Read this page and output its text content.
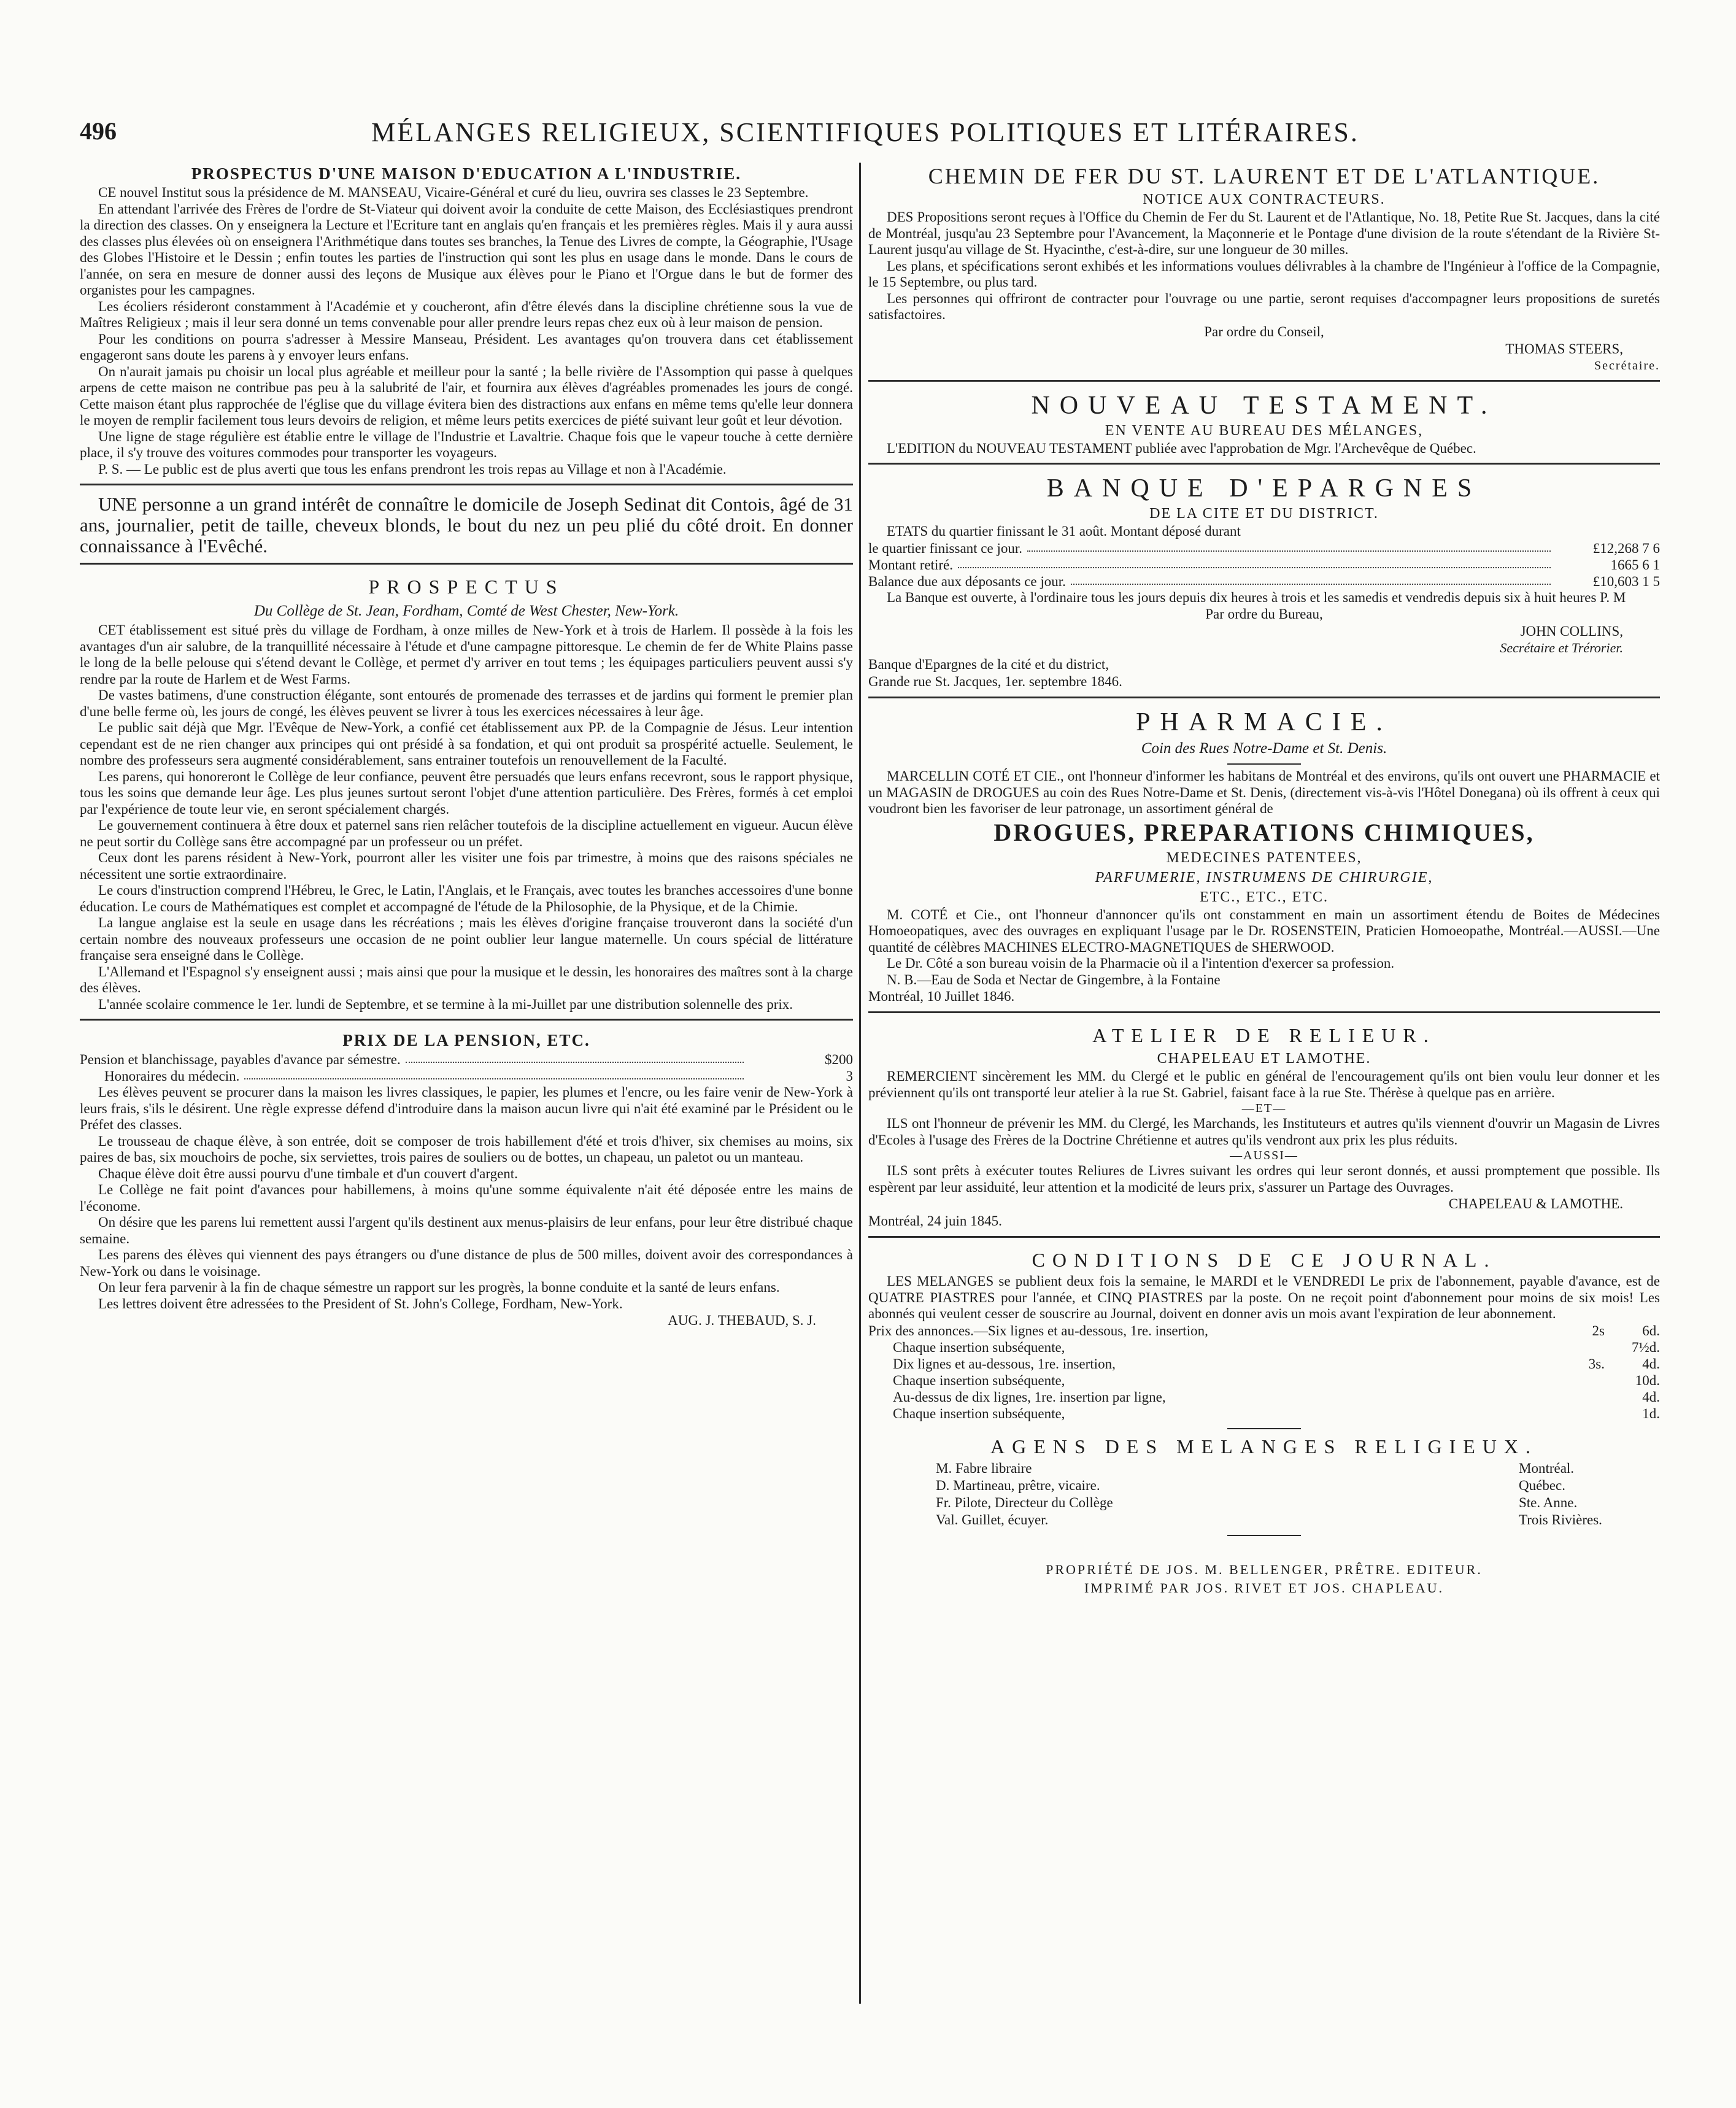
496	MÉLANGES RELIGIEUX, SCIENTIFIQUES POLITIQUES ET LITÉRAIRES.
PROSPECTUS D'UNE MAISON D'EDUCATION A L'INDUSTRIE.

CE nouvel Institut sous la présidence de M. MANSEAU, Vicaire-Général et curé du lieu, ouvrira ses classes le 23 Septembre.

En attendant l'arrivée des Frères de l'ordre de St-Viateur qui doivent avoir la conduite de cette Maison, des Ecclésiastiques prendront la direction des classes. On y enseignera la Lecture et l'Ecriture tant en anglais qu'en français et les premières règles. Mais il y aura aussi des classes plus élevées où on enseignera l'Arithmétique dans toutes ses branches, la Tenue des Livres de compte, la Géographie, l'Usage des Globes l'Histoire et le Dessin ; enfin toutes les parties de l'instruction qui sont les plus en usage dans le monde. Dans le cours de l'année, on sera en mesure de donner aussi des leçons de Musique aux élèves pour le Piano et l'Orgue dans le but de former des organistes pour les campagnes.

Les écoliers résideront constamment à l'Académie et y coucheront, afin d'être élevés dans la discipline chrétienne sous la vue de Maîtres Religieux ; mais il leur sera donné un tems convenable pour aller prendre leurs repas chez eux où à leur maison de pension.

Pour les conditions on pourra s'adresser à Messire Manseau, Président. Les avantages qu'on trouvera dans cet établissement engageront sans doute les parens à y envoyer leurs enfans.

On n'aurait jamais pu choisir un local plus agréable et meilleur pour la santé ; la belle rivière de l'Assomption qui passe à quelques arpens de cette maison ne contribue pas peu à la salubrité de l'air, et fournira aux élèves d'agréables promenades les jours de congé. Cette maison étant plus rapprochée de l'église que du village évitera bien des distractions aux enfans en même tems qu'elle leur donnera le moyen de remplir facilement tous leurs devoirs de religion, et même leurs petits exercices de piété suivant leur goût et leur dévotion.

Une ligne de stage régulière est établie entre le village de l'Industrie et Lavaltrie. Chaque fois que le vapeur touche à cette dernière place, il s'y trouve des voitures commodes pour transporter les voyageurs.

P. S. — Le public est de plus averti que tous les enfans prendront les trois repas au Village et non à l'Académie.

UNE personne a un grand intérêt de connaître le domicile de Joseph Sedinat dit Contois, âgé de 31 ans, journalier, petit de taille, cheveux blonds, le bout du nez un peu plié du côté droit. En donner connaissance à l'Evêché.

PROSPECTUS
Du Collège de St. Jean, Fordham, Comté de West Chester, New-York.

CET établissement est situé près du village de Fordham, à onze milles de New-York et à trois de Harlem. Il possède à la fois les avantages d'un air salubre, de la tranquillité nécessaire à l'étude et d'une campagne pittoresque. Le chemin de fer de White Plains passe le long de la belle pelouse qui s'étend devant le Collège, et permet d'y arriver en tout tems ; les équipages particuliers peuvent aussi s'y rendre par la route de Harlem et de West Farms.

De vastes batimens, d'une construction élégante, sont entourés de promenade des terrasses et de jardins qui forment le premier plan d'une belle ferme où, les jours de congé, les élèves peuvent se livrer à tous les exercices nécessaires à leur âge.

Le public sait déjà que Mgr. l'Evêque de New-York, a confié cet établissement aux PP. de la Compagnie de Jésus. Leur intention cependant est de ne rien changer aux principes qui ont présidé à sa fondation, et qui ont produit sa prospérité actuelle. Seulement, le nombre des professeurs sera augmenté considérablement, sans entrainer toutefois un renouvellement de la Faculté.

Les parens, qui honoreront le Collège de leur confiance, peuvent être persuadés que leurs enfans recevront, sous le rapport physique, tous les soins que demande leur âge. Les plus jeunes surtout seront l'objet d'une attention particulière. Des Frères, formés à cet emploi par l'expérience de toute leur vie, en seront spécialement chargés.

Le gouvernement continuera à être doux et paternel sans rien relâcher toutefois de la discipline actuellement en vigueur. Aucun élève ne peut sortir du Collège sans être accompagné par un professeur ou un préfet.

Ceux dont les parens résident à New-York, pourront aller les visiter une fois par trimestre, à moins que des raisons spéciales ne nécessitent une sortie extraordinaire.

Le cours d'instruction comprend l'Hébreu, le Grec, le Latin, l'Anglais, et le Français, avec toutes les branches accessoires d'une bonne éducation. Le cours de Mathématiques est complet et accompagné de l'étude de la Philosophie, de la Physique, et de la Chimie.

La langue anglaise est la seule en usage dans les récréations ; mais les élèves d'origine française trouveront dans la société d'un certain nombre des nouveaux professeurs une occasion de ne point oublier leur langue maternelle. Un cours spécial de littérature française sera enseigné dans le Collège.

L'Allemand et l'Espagnol s'y enseignent aussi ; mais ainsi que pour la musique et le dessin, les honoraires des maîtres sont à la charge des élèves.

L'année scolaire commence le 1er. lundi de Septembre, et se termine à la mi-Juillet par une distribution solennelle des prix.

PRIX DE LA PENSION, ETC.
Pension et blanchissage, payables d'avance par sémestre.	$200
Honoraires du médecin.	3

Les élèves peuvent se procurer dans la maison les livres classiques, le papier, les plumes et l'encre, ou les faire venir de New-York à leurs frais, s'ils le désirent. Une règle expresse défend d'introduire dans la maison aucun livre qui n'ait été examiné par le Président ou le Préfet des classes.

Le trousseau de chaque élève, à son entrée, doit se composer de trois habillement d'été et trois d'hiver, six chemises au moins, six paires de bas, six mouchoirs de poche, six serviettes, trois paires de souliers ou de bottes, un chapeau, un paletot ou un manteau.

Chaque élève doit être aussi pourvu d'une timbale et d'un couvert d'argent.

Le Collège ne fait point d'avances pour habillemens, à moins qu'une somme équivalente n'ait été déposée entre les mains de l'économe.

On désire que les parens lui remettent aussi l'argent qu'ils destinent aux menus-plaisirs de leur enfans, pour leur être distribué chaque semaine.

Les parens des élèves qui viennent des pays étrangers ou d'une distance de plus de 500 milles, doivent avoir des correspondances à New-York ou dans le voisinage.

On leur fera parvenir à la fin de chaque sémestre un rapport sur les progrès, la bonne conduite et la santé de leurs enfans.

Les lettres doivent être adressées to the President of St. John's College, Fordham, New-York.

AUG. J. THEBAUD, S. J.
CHEMIN DE FER DU ST. LAURENT ET DE L'ATLANTIQUE.
NOTICE AUX CONTRACTEURS.

DES Propositions seront reçues à l'Office du Chemin de Fer du St. Laurent et de l'Atlantique, No. 18, Petite Rue St. Jacques, dans la cité de Montréal, jusqu'au 23 Septembre pour l'Avancement, la Maçonnerie et le Pontage d'une division de la route s'étendant de la Rivière St- Laurent jusqu'au village de St. Hyacinthe, c'est-à-dire, sur une longueur de 30 milles.

Les plans, et spécifications seront exhibés et les informations voulues délivrables à la chambre de l'Ingénieur à l'office de la Compagnie, le 15 Septembre, ou plus tard.

Les personnes qui offriront de contracter pour l'ouvrage ou une partie, seront requises d'accompagner leurs propositions de suretés satisfactoires.

Par ordre du Conseil,
THOMAS STEERS,
Secrétaire.
NOUVEAU TESTAMENT.
EN VENTE AU BUREAU DES MÉLANGES,

L'EDITION du NOUVEAU TESTAMENT publiée avec l'approbation de Mgr. l'Archevêque de Québec.

BANQUE D'EPARGNES
DE LA CITE ET DU DISTRICT.

ETATS du quartier finissant le 31 août. Montant déposé durant

le quartier finissant ce jour.	£12,268 7 6
Montant retiré.	1665 6 1
Balance due aux déposants ce jour.	£10,603 1 5

La Banque est ouverte, à l'ordinaire tous les jours depuis dix heures à trois et les samedis et vendredis depuis six à huit heures P. M

Par ordre du Bureau,
JOHN COLLINS,
Secrétaire et Trérorier.
Banque d'Epargnes de la cité et du district,
Grande rue St. Jacques, 1er. septembre 1846.
PHARMACIE.
Coin des Rues Notre-Dame et St. Denis.

MARCELLIN COTÉ ET CIE., ont l'honneur d'informer les habitans de Montréal et des environs, qu'ils ont ouvert une PHARMACIE et un MAGASIN de DROGUES au coin des Rues Notre-Dame et St. Denis, (directement vis-à-vis l'Hôtel Donegana) où ils offrent à ceux qui voudront bien les favoriser de leur patronage, un assortiment général de

DROGUES, PREPARATIONS CHIMIQUES,
MEDECINES PATENTEES,
PARFUMERIE, INSTRUMENS DE CHIRURGIE,
ETC., ETC., ETC.

M. COTÉ et Cie., ont l'honneur d'annoncer qu'ils ont constamment en main un assortiment étendu de Boites de Médecines Homoeopatiques, avec des ouvrages en expliquant l'usage par le Dr. ROSENSTEIN, Praticien Homoeopathe, Montréal.—AUSSI.—Une quantité de célèbres MACHINES ELECTRO-MAGNETIQUES de SHERWOOD.

Le Dr. Côté a son bureau voisin de la Pharmacie où il a l'intention d'exercer sa profession.

N. B.—Eau de Soda et Nectar de Gingembre, à la Fontaine

Montréal, 10 Juillet 1846.
ATELIER DE RELIEUR.
CHAPELEAU ET LAMOTHE.

REMERCIENT sincèrement les MM. du Clergé et le public en général de l'encouragement qu'ils ont bien voulu leur donner et les préviennent qu'ils ont transporté leur atelier à la rue St. Gabriel, faisant face à la rue Ste. Thérèse à quelque pas en arrière.

—ET—

ILS ont l'honneur de prévenir les MM. du Clergé, les Marchands, les Instituteurs et autres qu'ils viennent d'ouvrir un Magasin de Livres d'Ecoles à l'usage des Frères de la Doctrine Chrétienne et autres qu'ils vendront aux prix les plus réduits.

—AUSSI—

ILS sont prêts à exécuter toutes Reliures de Livres suivant les ordres qui leur seront donnés, et aussi promptement que possible. Ils espèrent par leur assiduité, leur attention et la modicité de leurs prix, s'assurer un Partage des Ouvrages.

CHAPELEAU & LAMOTHE.
Montréal, 24 juin 1845.
CONDITIONS DE CE JOURNAL.

LES MELANGES se publient deux fois la semaine, le MARDI et le VENDREDI Le prix de l'abonnement, payable d'avance, est de QUATRE PIASTRES pour l'année, et CINQ PIASTRES par la poste. On ne reçoit point d'abonnement pour moins de six mois! Les abonnés qui veulent cesser de souscrire au Journal, doivent en donner avis un mois avant l'expiration de leur abonnement.

Prix des annonces.—Six lignes et au-dessous, 1re. insertion,	2s	6d.
Chaque insertion subséquente,	7½d.
Dix lignes et au-dessous, 1re. insertion,	3s.	4d.
Chaque insertion subséquente,	10d.
Au-dessus de dix lignes, 1re. insertion par ligne,	4d.
Chaque insertion subséquente,	1d.
AGENS DES MELANGES RELIGIEUX.
M. Fabre libraire	Montréal.
D. Martineau, prêtre, vicaire.	Québec.
Fr. Pilote, Directeur du Collège	Ste. Anne.
Val. Guillet, écuyer.	Trois Rivières.
PROPRIÉTÉ DE JOS. M. BELLENGER, PRÊTRE. EDITEUR.
IMPRIMÉ PAR JOS. RIVET ET JOS. CHAPLEAU.
